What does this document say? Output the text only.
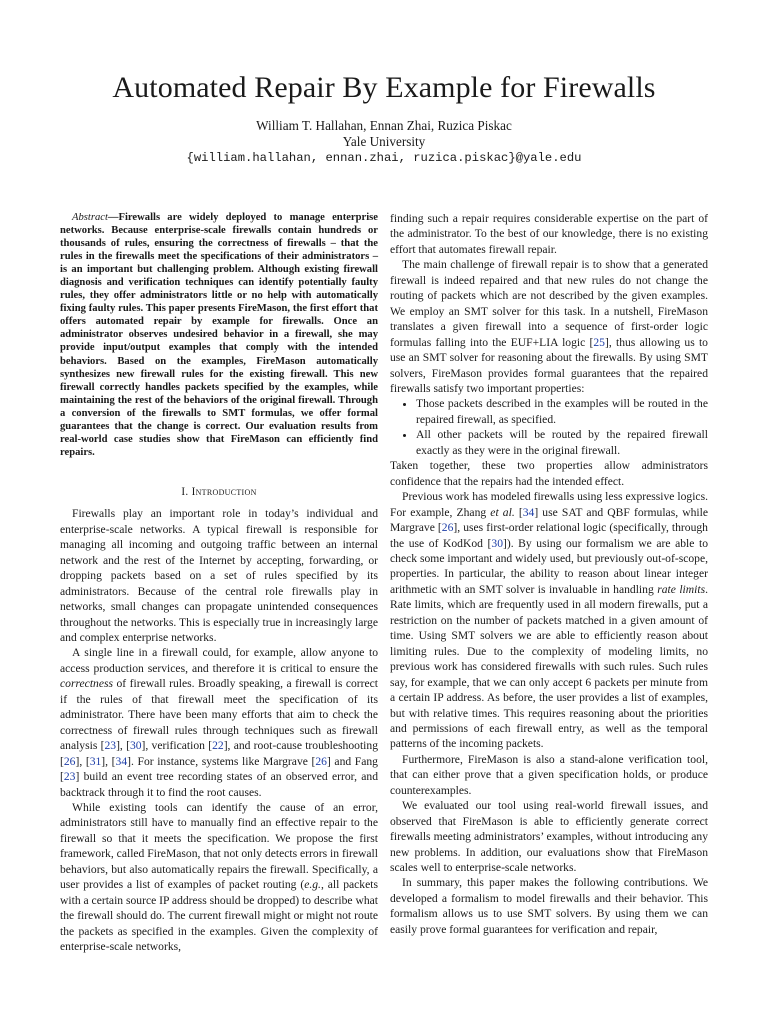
Automated Repair By Example for Firewalls
William T. Hallahan, Ennan Zhai, Ruzica Piskac
Yale University
{william.hallahan, ennan.zhai, ruzica.piskac}@yale.edu

Abstract—Firewalls are widely deployed to manage enterprise networks. Because enterprise-scale firewalls contain hundreds or thousands of rules, ensuring the correctness of firewalls – that the rules in the firewalls meet the specifications of their administrators – is an important but challenging problem. Although existing firewall diagnosis and verification techniques can identify potentially faulty rules, they offer administrators little or no help with automatically fixing faulty rules. This paper presents FireMason, the first effort that offers automated repair by example for firewalls. Once an administrator observes undesired behavior in a firewall, she may provide input/output examples that comply with the intended behaviors. Based on the examples, FireMason automatically synthesizes new firewall rules for the existing firewall. This new firewall correctly handles packets specified by the examples, while maintaining the rest of the behaviors of the original firewall. Through a conversion of the firewalls to SMT formulas, we offer formal guarantees that the change is correct. Our evaluation results from real-world case studies show that FireMason can efficiently find repairs.

I. Introduction

Firewalls play an important role in today’s individual and enterprise-scale networks. A typical firewall is responsible for managing all incoming and outgoing traffic between an internal network and the rest of the Internet by accepting, forwarding, or dropping packets based on a set of rules specified by its administrators. Because of the central role firewalls play in networks, small changes can propagate unintended consequences throughout the networks. This is especially true in increasingly large and complex enterprise networks.

A single line in a firewall could, for example, allow anyone to access production services, and therefore it is critical to ensure the correctness of firewall rules. Broadly speaking, a firewall is correct if the rules of that firewall meet the specification of its administrator. There have been many efforts that aim to check the correctness of firewall rules through techniques such as firewall analysis [23], [30], verification [22], and root-cause troubleshooting [26], [31], [34]. For instance, systems like Margrave [26] and Fang [23] build an event tree recording states of an observed error, and backtrack through it to find the root causes.

While existing tools can identify the cause of an error, administrators still have to manually find an effective repair to the firewall so that it meets the specification. We propose the first framework, called FireMason, that not only detects errors in firewall behaviors, but also automatically repairs the firewall. Specifically, a user provides a list of examples of packet routing (e.g., all packets with a certain source IP address should be dropped) to describe what the firewall should do. The current firewall might or might not route the packets as specified in the examples. Given the complexity of enterprise-scale networks,

finding such a repair requires considerable expertise on the part of the administrator. To the best of our knowledge, there is no existing effort that automates firewall repair.

The main challenge of firewall repair is to show that a generated firewall is indeed repaired and that new rules do not change the routing of packets which are not described by the given examples. We employ an SMT solver for this task. In a nutshell, FireMason translates a given firewall into a sequence of first-order logic formulas falling into the EUF+LIA logic [25], thus allowing us to use an SMT solver for reasoning about the firewalls. By using SMT solvers, FireMason provides formal guarantees that the repaired firewalls satisfy two important properties:

• Those packets described in the examples will be routed in the repaired firewall, as specified.
• All other packets will be routed by the repaired firewall exactly as they were in the original firewall.

Taken together, these two properties allow administrators confidence that the repairs had the intended effect.

Previous work has modeled firewalls using less expressive logics. For example, Zhang et al. [34] use SAT and QBF formulas, while Margrave [26], uses first-order relational logic (specifically, through the use of KodKod [30]). By using our formalism we are able to check some important and widely used, but previously out-of-scope, properties. In particular, the ability to reason about linear integer arithmetic with an SMT solver is invaluable in handling rate limits. Rate limits, which are frequently used in all modern firewalls, put a restriction on the number of packets matched in a given amount of time. Using SMT solvers we are able to efficiently reason about limiting rules. Due to the complexity of modeling limits, no previous work has considered firewalls with such rules. Such rules say, for example, that we can only accept 6 packets per minute from a certain IP address. As before, the user provides a list of examples, but with relative times. This requires reasoning about the priorities and permissions of each firewall entry, as well as the temporal patterns of the incoming packets.

Furthermore, FireMason is also a stand-alone verification tool, that can either prove that a given specification holds, or produce counterexamples.

We evaluated our tool using real-world firewall issues, and observed that FireMason is able to efficiently generate correct firewalls meeting administrators’ examples, without introducing any new problems. In addition, our evaluations show that FireMason scales well to enterprise-scale networks.

In summary, this paper makes the following contributions. We developed a formalism to model firewalls and their behavior. This formalism allows us to use SMT solvers. By using them we can easily prove formal guarantees for verification and repair,
